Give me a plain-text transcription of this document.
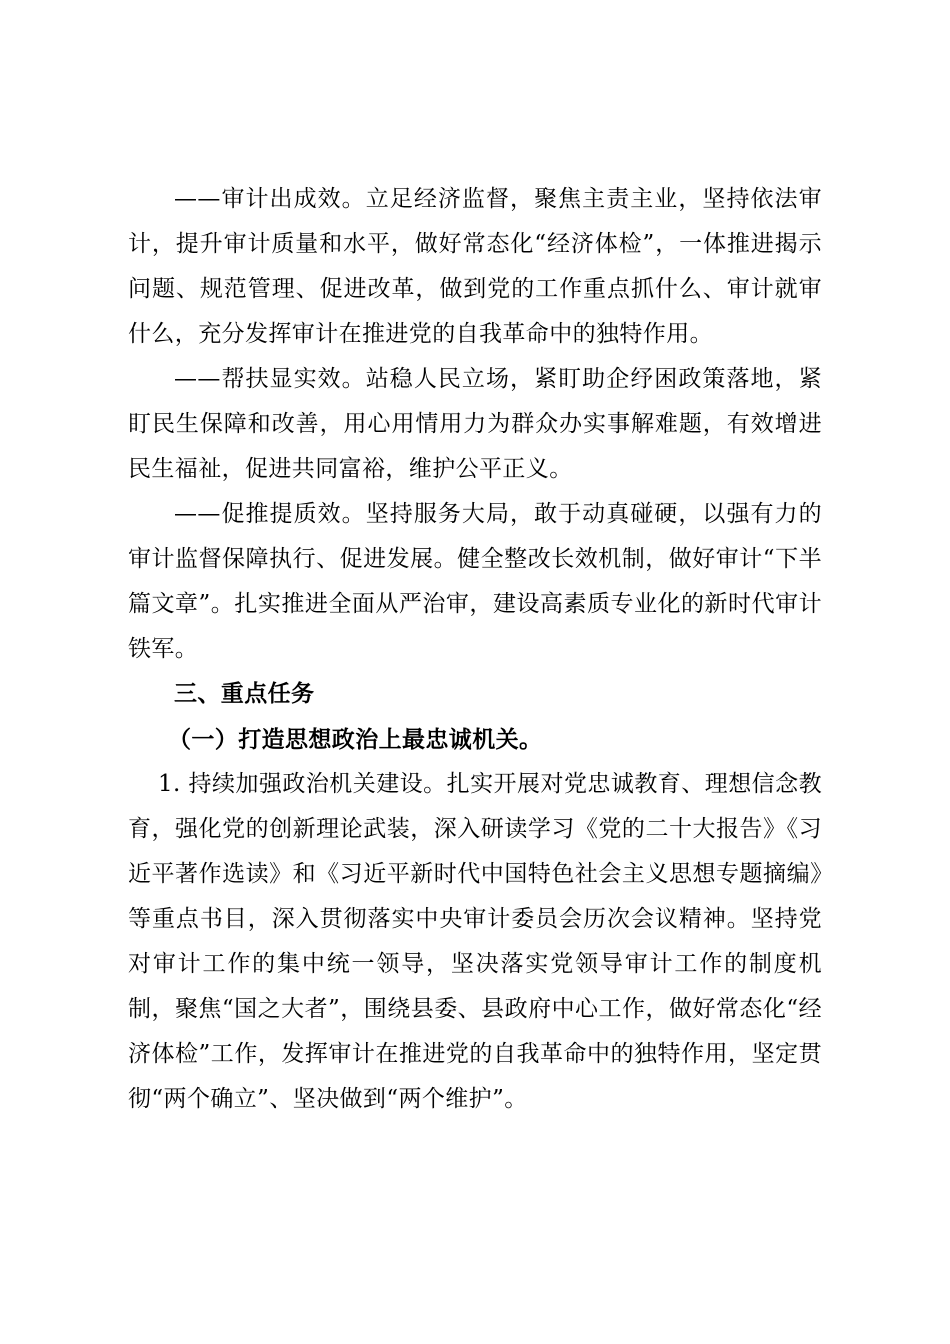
——审计出成效。立足经济监督，聚焦主责主业，坚持依法审计，提升审计质量和水平，做好常态化“经济体检”，一体推进揭示问题、规范管理、促进改革，做到党的工作重点抓什么、审计就审什么，充分发挥审计在推进党的自我革命中的独特作用。

——帮扶显实效。站稳人民立场，紧盯助企纾困政策落地，紧盯民生保障和改善，用心用情用力为群众办实事解难题，有效增进民生福祉，促进共同富裕，维护公平正义。

——促推提质效。坚持服务大局，敢于动真碰硬，以强有力的审计监督保障执行、促进发展。健全整改长效机制，做好审计“下半篇文章”。扎实推进全面从严治审，建设高素质专业化的新时代审计铁军。

三、重点任务

（一）打造思想政治上最忠诚机关。

1. 持续加强政治机关建设。扎实开展对党忠诚教育、理想信念教育，强化党的创新理论武装，深入研读学习《党的二十大报告》《习近平著作选读》和《习近平新时代中国特色社会主义思想专题摘编》等重点书目，深入贯彻落实中央审计委员会历次会议精神。坚持党对审计工作的集中统一领导，坚决落实党领导审计工作的制度机制，聚焦“国之大者”，围绕县委、县政府中心工作，做好常态化“经济体检”工作，发挥审计在推进党的自我革命中的独特作用，坚定贯彻“两个确立”、坚决做到“两个维护”。
